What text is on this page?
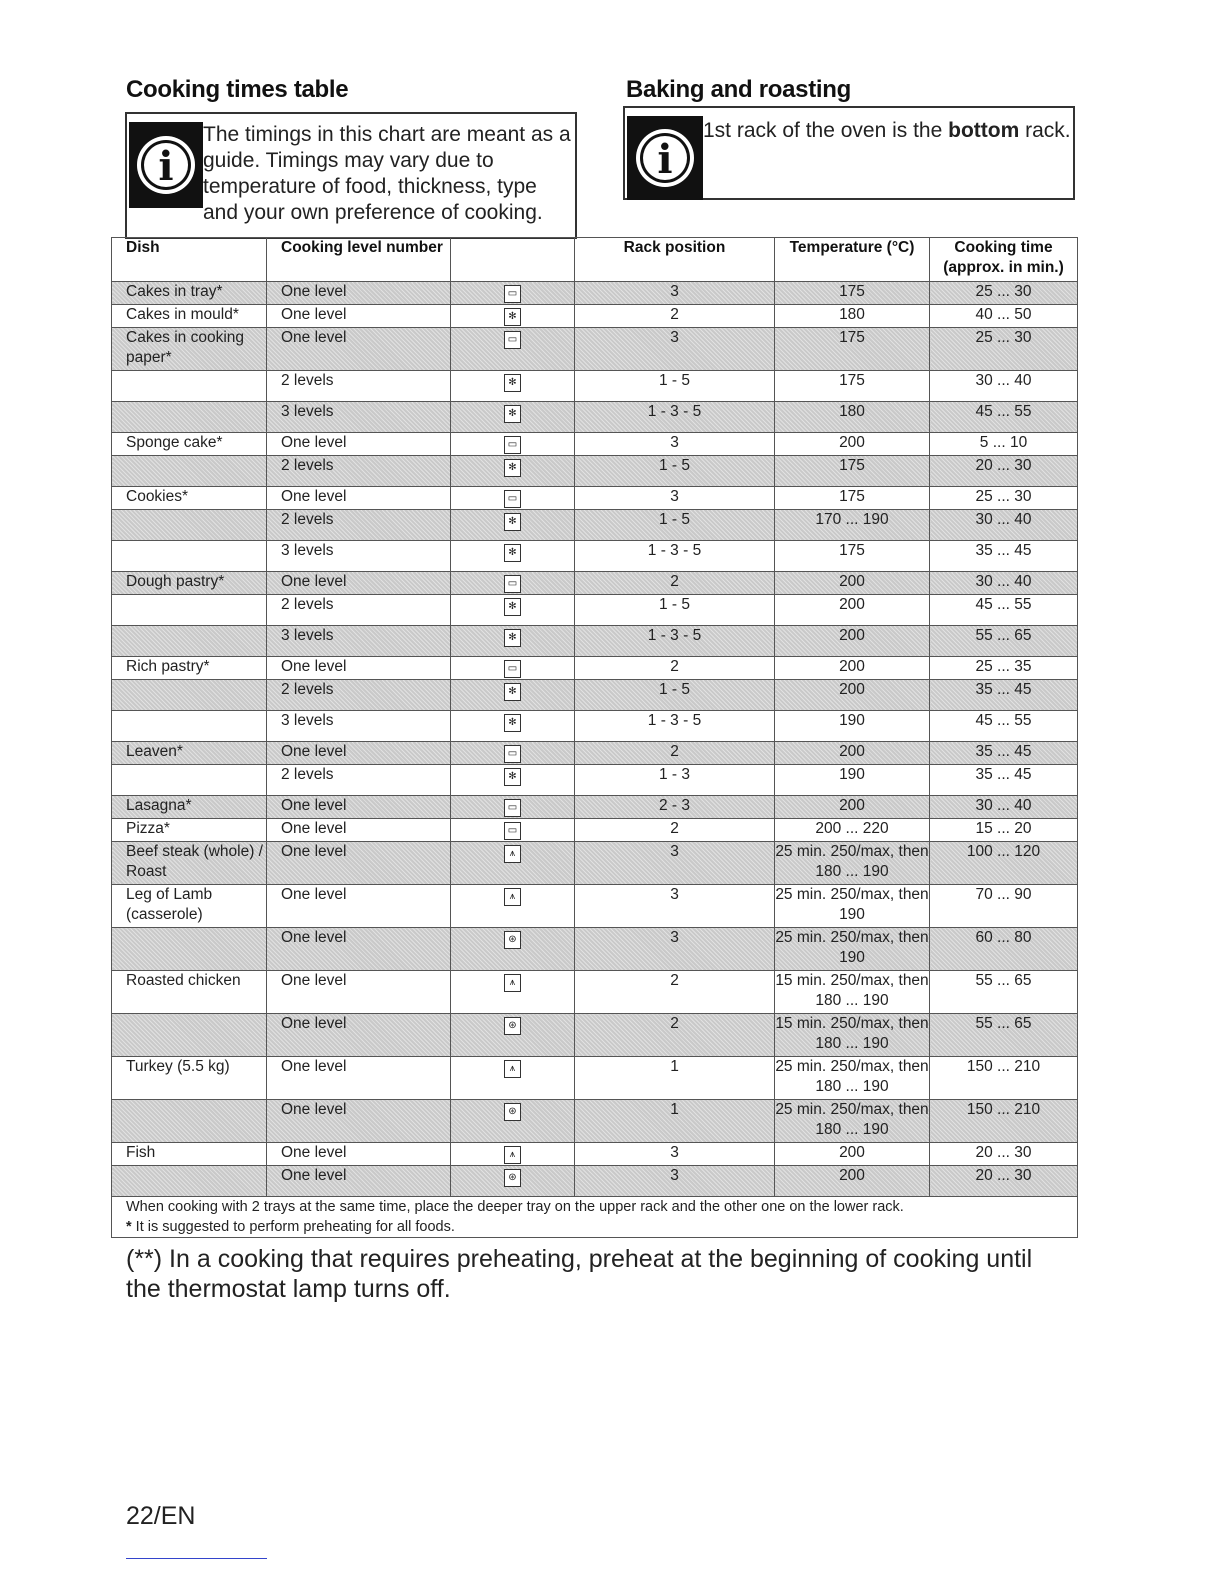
Cooking times table	Baking and roasting
i
The timings in this chart are meant as a guide. Timings may vary due to temperature of food, thickness, type and your own preference of cooking.
i
1st rack of the oven is the bottom rack.
Dish	Cooking level number		Rack position	Temperature (°C)	Cooking time (approx. in min.)
Cakes in tray*	One level	▭	3	175	25 ... 30
Cakes in mould*	One level	✻	2	180	40 ... 50
Cakes in cooking paper*	One level	▭	3	175	25 ... 30
	2 levels	✻	1 - 5	175	30 ... 40
	3 levels	✻	1 - 3 - 5	180	45 ... 55
Sponge cake*	One level	▭	3	200	5 ... 10
	2 levels	✻	1 - 5	175	20 ... 30
Cookies*	One level	▭	3	175	25 ... 30
	2 levels	✻	1 - 5	170 ... 190	30 ... 40
	3 levels	✻	1 - 3 - 5	175	35 ... 45
Dough pastry*	One level	▭	2	200	30 ... 40
	2 levels	✻	1 - 5	200	45 ... 55
	3 levels	✻	1 - 3 - 5	200	55 ... 65
Rich pastry*	One level	▭	2	200	25 ... 35
	2 levels	✻	1 - 5	200	35 ... 45
	3 levels	✻	1 - 3 - 5	190	45 ... 55
Leaven*	One level	▭	2	200	35 ... 45
	2 levels	✻	1 - 3	190	35 ... 45
Lasagna*	One level	▭	2 - 3	200	30 ... 40
Pizza*	One level	▭	2	200 ... 220	15 ... 20
Beef steak (whole) / Roast	One level	⩚	3	25 min. 250/max, then 180 ... 190	100 ... 120
Leg of Lamb (casserole)	One level	⩚	3	25 min. 250/max, then 190	70 ... 90
	One level	⊛	3	25 min. 250/max, then 190	60 ... 80
Roasted chicken	One level	⩚	2	15 min. 250/max, then 180 ... 190	55 ... 65
	One level	⊛	2	15 min. 250/max, then 180 ... 190	55 ... 65
Turkey (5.5 kg)	One level	⩚	1	25 min. 250/max, then 180 ... 190	150 ... 210
	One level	⊛	1	25 min. 250/max, then 180 ... 190	150 ... 210
Fish	One level	⩚	3	200	20 ... 30
	One level	⊛	3	200	20 ... 30

When cooking with 2 trays at the same time, place the deeper tray on the upper rack and the other one on the lower rack.
* It is suggested to perform preheating for all foods.					
(**) In a cooking that requires preheating, preheat at the beginning of cooking until the thermostat lamp turns off.
22/EN
